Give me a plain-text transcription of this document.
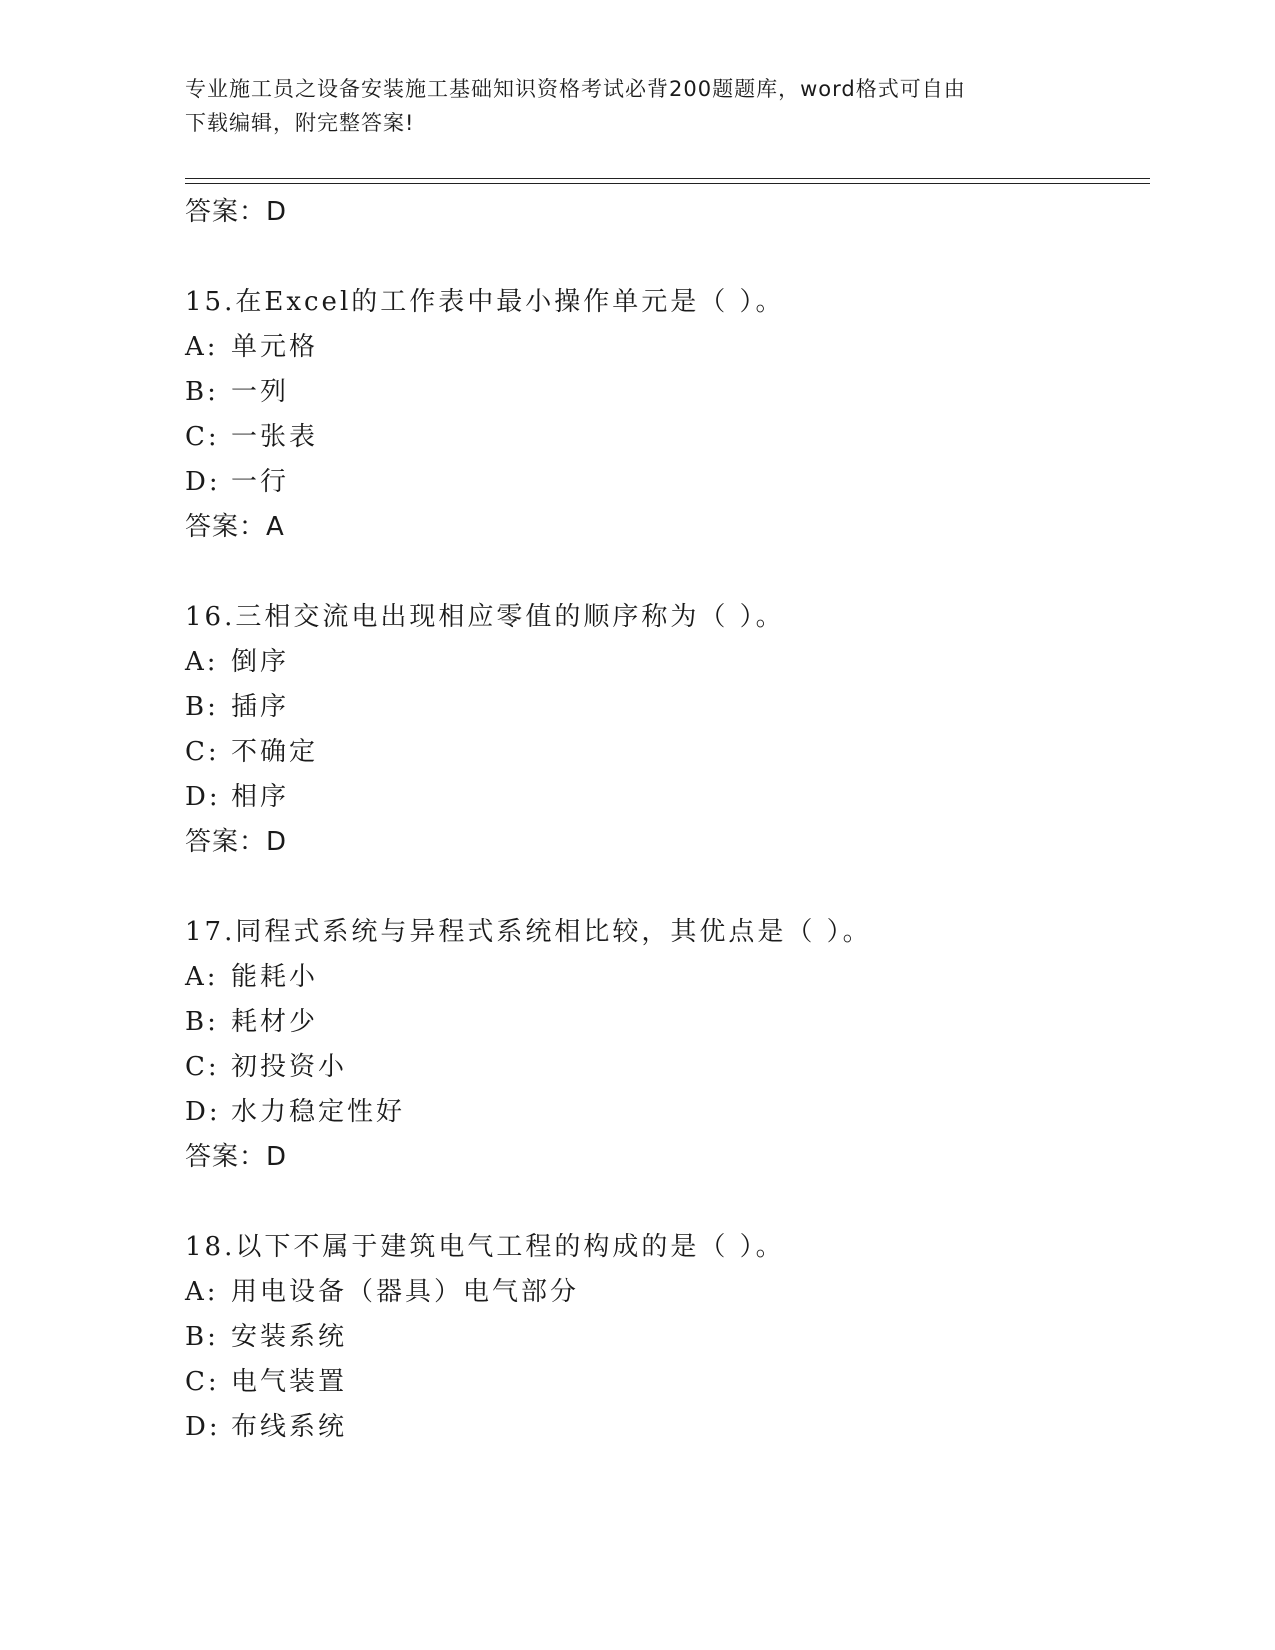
专业施工员之设备安装施工基础知识资格考试必背200题题库，word格式可自由
下载编辑，附完整答案!
答案：D
15.在Excel的工作表中最小操作单元是（ ）。
A: 单元格
B: 一列
C: 一张表
D: 一行
答案：A
16.三相交流电出现相应零值的顺序称为（ ）。
A: 倒序
B: 插序
C: 不确定
D: 相序
答案：D
17.同程式系统与异程式系统相比较，其优点是（ ）。
A: 能耗小
B: 耗材少
C: 初投资小
D: 水力稳定性好
答案：D
18.以下不属于建筑电气工程的构成的是（ ）。
A: 用电设备（器具）电气部分
B: 安装系统
C: 电气装置
D: 布线系统
